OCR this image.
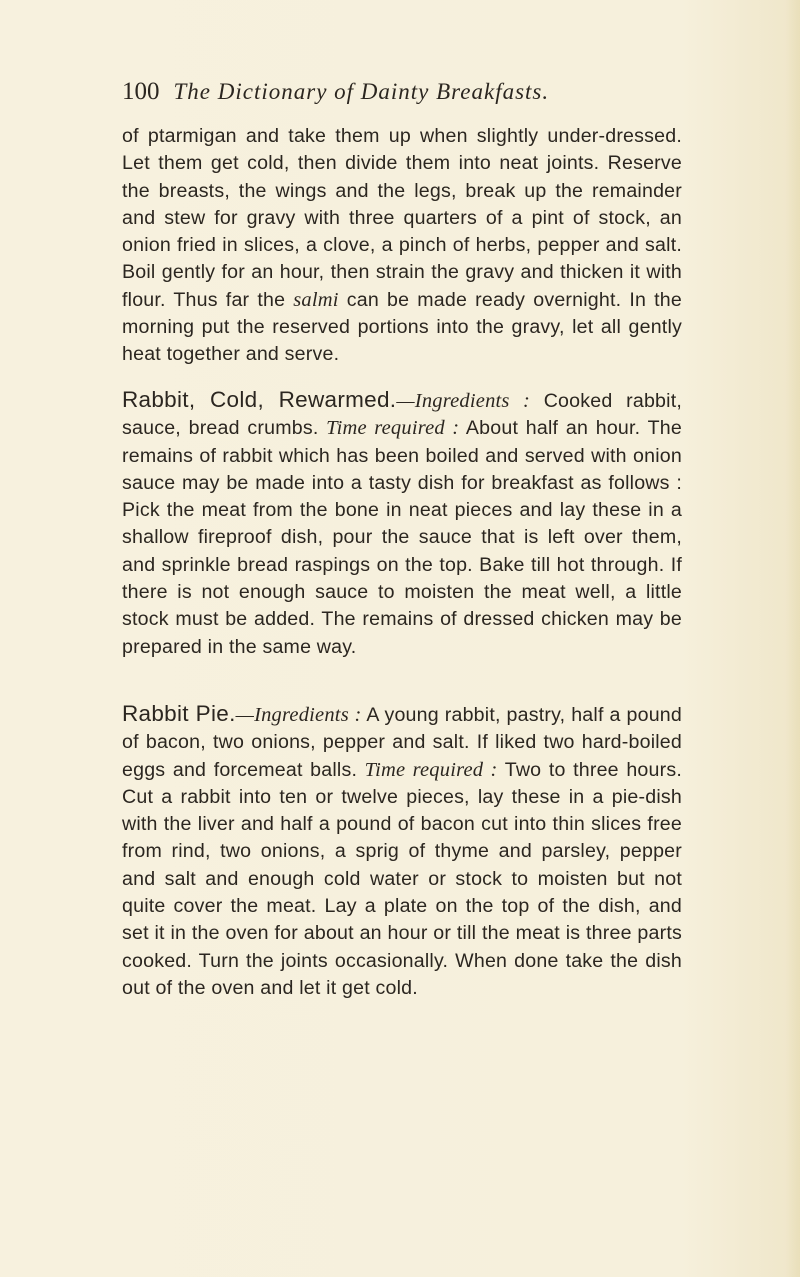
100 The Dictionary of Dainty Breakfasts.

of ptarmigan and take them up when slightly under-dressed. Let them get cold, then divide them into neat joints. Reserve the breasts, the wings and the legs, break up the remainder and stew for gravy with three quarters of a pint of stock, an onion fried in slices, a clove, a pinch of herbs, pepper and salt. Boil gently for an hour, then strain the gravy and thicken it with flour. Thus far the salmi can be made ready overnight. In the morning put the reserved portions into the gravy, let all gently heat together and serve.

Rabbit, Cold, Rewarmed.—Ingredients : Cooked rabbit, sauce, bread crumbs. Time required : About half an hour. The remains of rabbit which has been boiled and served with onion sauce may be made into a tasty dish for breakfast as follows : Pick the meat from the bone in neat pieces and lay these in a shallow fireproof dish, pour the sauce that is left over them, and sprinkle bread raspings on the top. Bake till hot through. If there is not enough sauce to moisten the meat well, a little stock must be added. The remains of dressed chicken may be prepared in the same way.

Rabbit Pie.—Ingredients : A young rabbit, pastry, half a pound of bacon, two onions, pepper and salt. If liked two hard-boiled eggs and forcemeat balls. Time required : Two to three hours. Cut a rabbit into ten or twelve pieces, lay these in a pie-dish with the liver and half a pound of bacon cut into thin slices free from rind, two onions, a sprig of thyme and parsley, pepper and salt and enough cold water or stock to moisten but not quite cover the meat. Lay a plate on the top of the dish, and set it in the oven for about an hour or till the meat is three parts cooked. Turn the joints occasionally. When done take the dish out of the oven and let it get cold.
